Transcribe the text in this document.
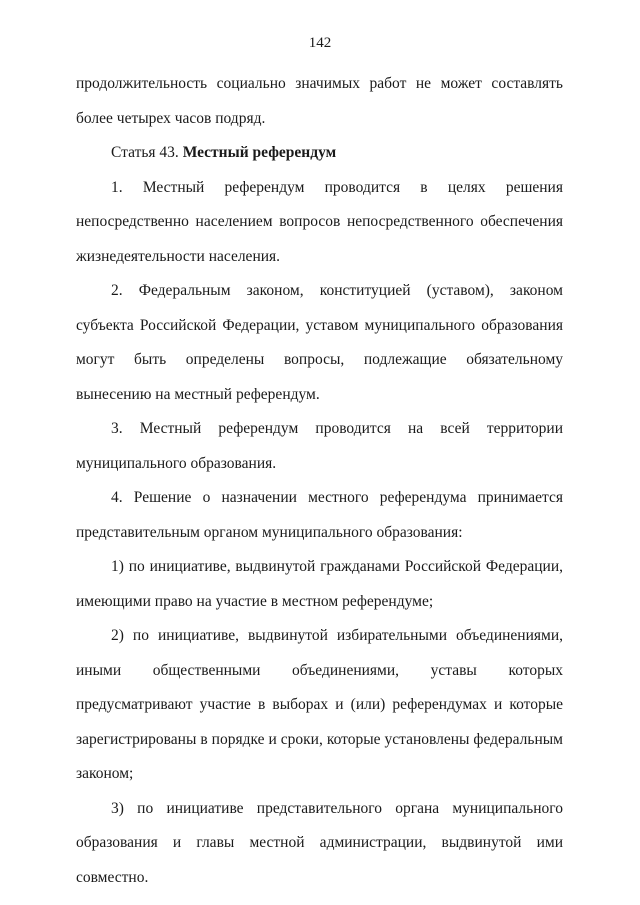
142

продолжительность социально значимых работ не может составлять более четырех часов подряд.

Статья 43. Местный референдум

1. Местный референдум проводится в целях решения непосредственно населением вопросов непосредственного обеспечения жизнедеятельности населения.

2. Федеральным законом, конституцией (уставом), законом субъекта Российской Федерации, уставом муниципального образования могут быть определены вопросы, подлежащие обязательному вынесению на местный референдум.

3. Местный референдум проводится на всей территории муниципального образования.

4. Решение о назначении местного референдума принимается представительным органом муниципального образования:

1) по инициативе, выдвинутой гражданами Российской Федерации, имеющими право на участие в местном референдуме;

2) по инициативе, выдвинутой избирательными объединениями, иными общественными объединениями, уставы которых предусматривают участие в выборах и (или) референдумах и которые зарегистрированы в порядке и сроки, которые установлены федеральным законом;

3) по инициативе представительного органа муниципального образования и главы местной администрации, выдвинутой ими совместно.
